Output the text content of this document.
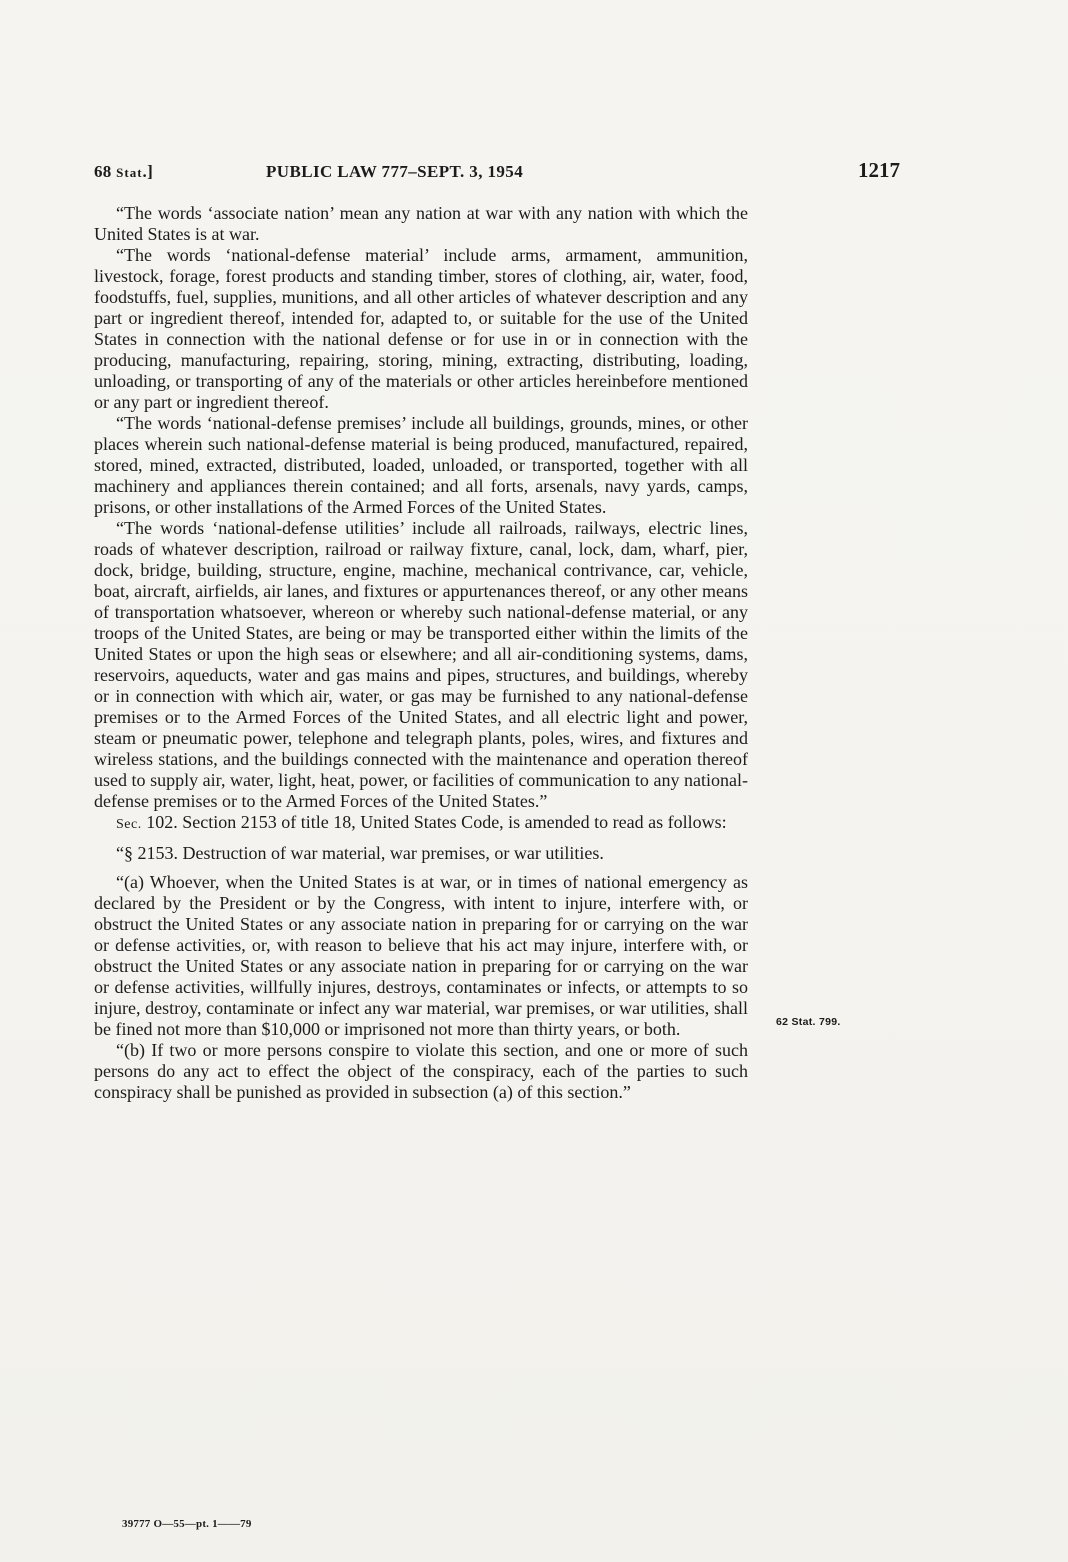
68 Stat.]	PUBLIC LAW 777–SEPT. 3, 1954	1217

“The words ‘associate nation’ mean any nation at war with any nation with which the United States is at war.

“The words ‘national-defense material’ include arms, armament, ammunition, livestock, forage, forest products and standing timber, stores of clothing, air, water, food, foodstuffs, fuel, supplies, munitions, and all other articles of whatever description and any part or ingredient thereof, intended for, adapted to, or suitable for the use of the United States in connection with the national defense or for use in or in connection with the producing, manufacturing, repairing, storing, mining, extracting, distributing, loading, unloading, or transporting of any of the materials or other articles hereinbefore mentioned or any part or ingredient thereof.

“The words ‘national-defense premises’ include all buildings, grounds, mines, or other places wherein such national-defense material is being produced, manufactured, repaired, stored, mined, extracted, distributed, loaded, unloaded, or transported, together with all machinery and appliances therein contained; and all forts, arsenals, navy yards, camps, prisons, or other installations of the Armed Forces of the United States.

“The words ‘national-defense utilities’ include all railroads, railways, electric lines, roads of whatever description, railroad or railway fixture, canal, lock, dam, wharf, pier, dock, bridge, building, structure, engine, machine, mechanical contrivance, car, vehicle, boat, aircraft, airfields, air lanes, and fixtures or appurtenances thereof, or any other means of transportation whatsoever, whereon or whereby such national-defense material, or any troops of the United States, are being or may be transported either within the limits of the United States or upon the high seas or elsewhere; and all air-conditioning systems, dams, reservoirs, aqueducts, water and gas mains and pipes, structures, and buildings, whereby or in connection with which air, water, or gas may be furnished to any national-defense premises or to the Armed Forces of the United States, and all electric light and power, steam or pneumatic power, telephone and telegraph plants, poles, wires, and fixtures and wireless stations, and the buildings connected with the maintenance and operation thereof used to supply air, water, light, heat, power, or facilities of communication to any national-defense premises or to the Armed Forces of the United States.”

Sec. 102. Section 2153 of title 18, United States Code, is amended to read as follows:

“§ 2153. Destruction of war material, war premises, or war utilities.

“(a) Whoever, when the United States is at war, or in times of national emergency as declared by the President or by the Congress, with intent to injure, interfere with, or obstruct the United States or any associate nation in preparing for or carrying on the war or defense activities, or, with reason to believe that his act may injure, interfere with, or obstruct the United States or any associate nation in preparing for or carrying on the war or defense activities, willfully injures, destroys, contaminates or infects, or attempts to so injure, destroy, contaminate or infect any war material, war premises, or war utilities, shall be fined not more than $10,000 or imprisoned not more than thirty years, or both.

“(b) If two or more persons conspire to violate this section, and one or more of such persons do any act to effect the object of the conspiracy, each of the parties to such conspiracy shall be punished as provided in subsection (a) of this section.”

62 Stat. 799.
39777 O—55—pt. 1——79
